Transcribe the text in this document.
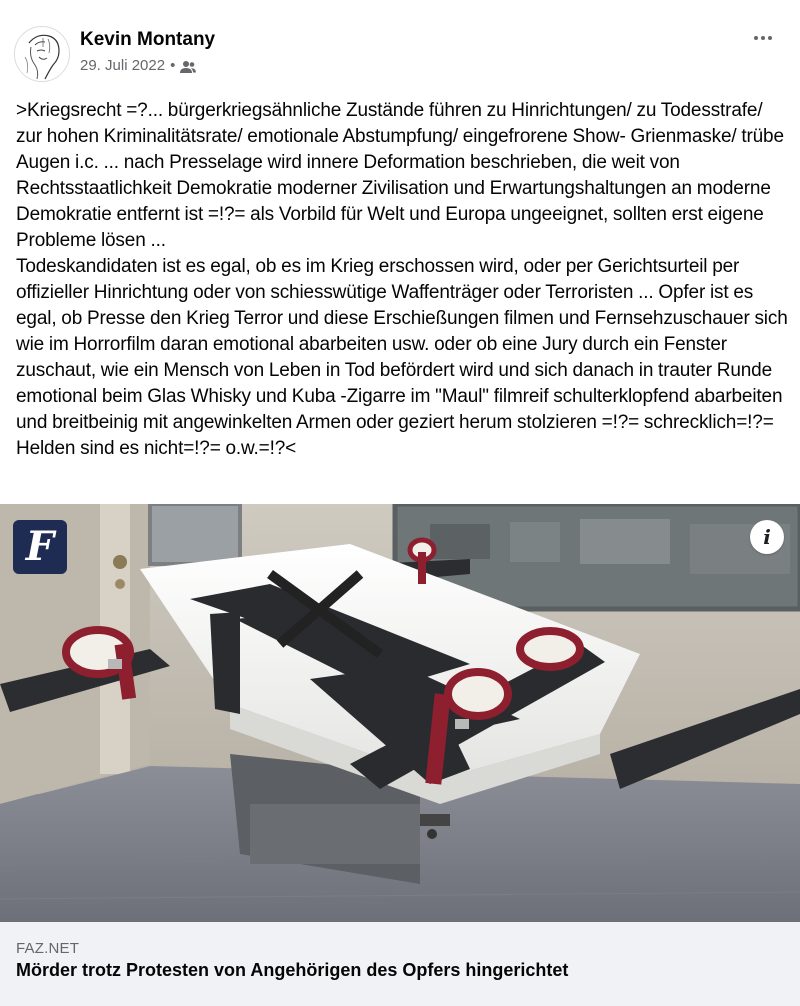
Kevin Montany
29. Juli 2022 •
>Kriegsrecht =?... bürgerkriegsähnliche Zustände führen zu Hinrichtungen/ zu Todesstrafe/ zur hohen Kriminalitätsrate/ emotionale Abstumpfung/ eingefrorene Show- Grienmaske/ trübe Augen i.c. ... nach Presselage wird innere Deformation beschrieben, die weit von Rechtsstaatlichkeit Demokratie moderner Zivilisation und Erwartungshaltungen an moderne Demokratie entfernt ist =!?= als Vorbild für Welt und Europa ungeeignet, sollten erst eigene Probleme lösen ...
Todeskandidaten ist es egal, ob es im Krieg erschossen wird, oder per Gerichtsurteil per offizieller Hinrichtung oder von schiesswütige Waffenträger oder Terroristen ... Opfer ist es egal, ob Presse den Krieg Terror und diese Erschießungen filmen und Fernsehzuschauer sich wie im Horrorfilm daran emotional abarbeiten usw. oder ob eine Jury durch ein Fenster zuschaut, wie ein Mensch von Leben in Tod befördert wird und sich danach in trauter Runde emotional beim Glas Whisky und Kuba -Zigarre im "Maul" filmreif schulterklopfend abarbeiten und breitbeinig mit angewinkelten Armen oder geziert herum stolzieren =!?= schrecklich=!?= Helden sind es nicht=!?= o.w.=!?<
F	i
FAZ.NET
Mörder trotz Protesten von Angehörigen des Opfers hingerichtet
